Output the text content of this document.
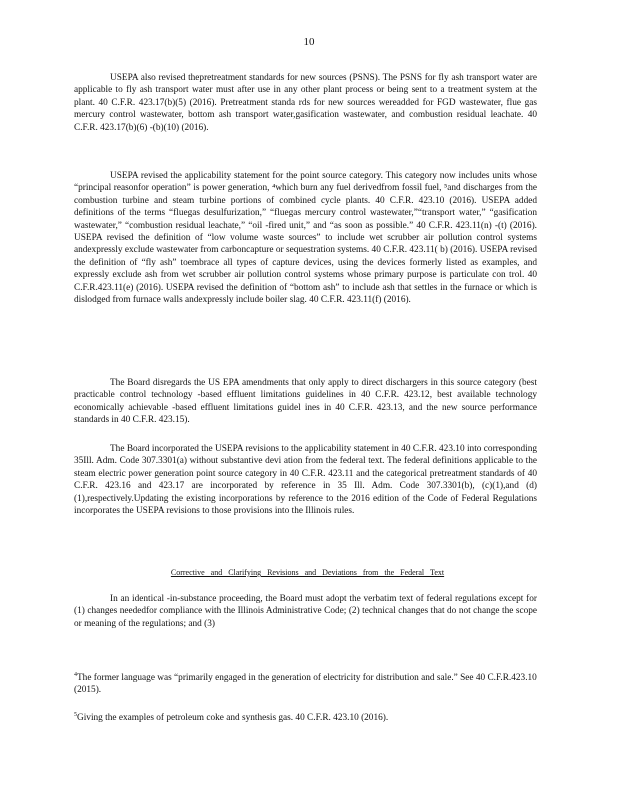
10

USEPA also revised thepretreatment standards for new sources (PSNS). The PSNS for fly ash transport water are applicable to fly ash transport water must after use in any other plant process or being sent to a treatment system at the plant. 40 C.F.R. 423.17(b)(5) (2016). Pretreatment standa rds for new sources wereadded for FGD wastewater, flue gas mercury control wastewater, bottom ash transport water,gasification wastewater, and combustion residual leachate. 40 C.F.R. 423.17(b)(6) -(b)(10) (2016).

USEPA revised the applicability statement for the point source category. This category now includes units whose “principal reasonfor operation” is power generation, ⁴which burn any fuel derivedfrom fossil fuel, ⁵and discharges from the combustion turbine and steam turbine portions of combined cycle plants. 40 C.F.R. 423.10 (2016). USEPA added definitions of the terms “fluegas desulfurization,” “fluegas mercury control wastewater,”“transport water,” “gasification wastewater,” “combustion residual leachate,” “oil -fired unit,” and “as soon as possible.” 40 C.F.R. 423.11(n) -(t) (2016). USEPA revised the definition of “low volume waste sources” to include wet scrubber air pollution control systems andexpressly exclude wastewater from carboncapture or sequestration systems. 40 C.F.R. 423.11( b) (2016). USEPA revised the definition of “fly ash” toembrace all types of capture devices, using the devices formerly listed as examples, and expressly exclude ash from wet scrubber air pollution control systems whose primary purpose is particulate con trol. 40 C.F.R.423.11(e) (2016). USEPA revised the definition of “bottom ash” to include ash that settles in the furnace or which is dislodged from furnace walls andexpressly include boiler slag. 40 C.F.R. 423.11(f) (2016).

The Board disregards the US EPA amendments that only apply to direct dischargers in this source category (best practicable control technology -based effluent limitations guidelines in 40 C.F.R. 423.12, best available technology economically achievable -based effluent limitations guidel ines in 40 C.F.R. 423.13, and the new source performance standards in 40 C.F.R. 423.15).

The Board incorporated the USEPA revisions to the applicability statement in 40 C.F.R. 423.10 into corresponding 35Ill. Adm. Code 307.3301(a) without substantive devi ation from the federal text. The federal definitions applicable to the steam electric power generation point source category in 40 C.F.R. 423.11 and the categorical pretreatment standards of 40 C.F.R. 423.16 and 423.17 are incorporated by reference in 35 Ill. Adm. Code 307.3301(b), (c)(1),and (d)(1),respectively.Updating the existing incorporations by reference to the 2016 edition of the Code of Federal Regulations incorporates the USEPA revisions to those provisions into the Illinois rules.

Corrective and Clarifying Revisions and Deviations from the Federal Text

In an identical -in-substance proceeding, the Board must adopt the verbatim text of federal regulations except for (1) changes neededfor compliance with the Illinois Administrative Code; (2) technical changes that do not change the scope or meaning of the regulations; and (3)

$^4$The former language was “primarily engaged in the generation of electricity for distribution and sale.” See 40 C.F.R.423.10 (2015).

$^5$Giving the examples of petroleum coke and synthesis gas. 40 C.F.R. 423.10 (2016).
